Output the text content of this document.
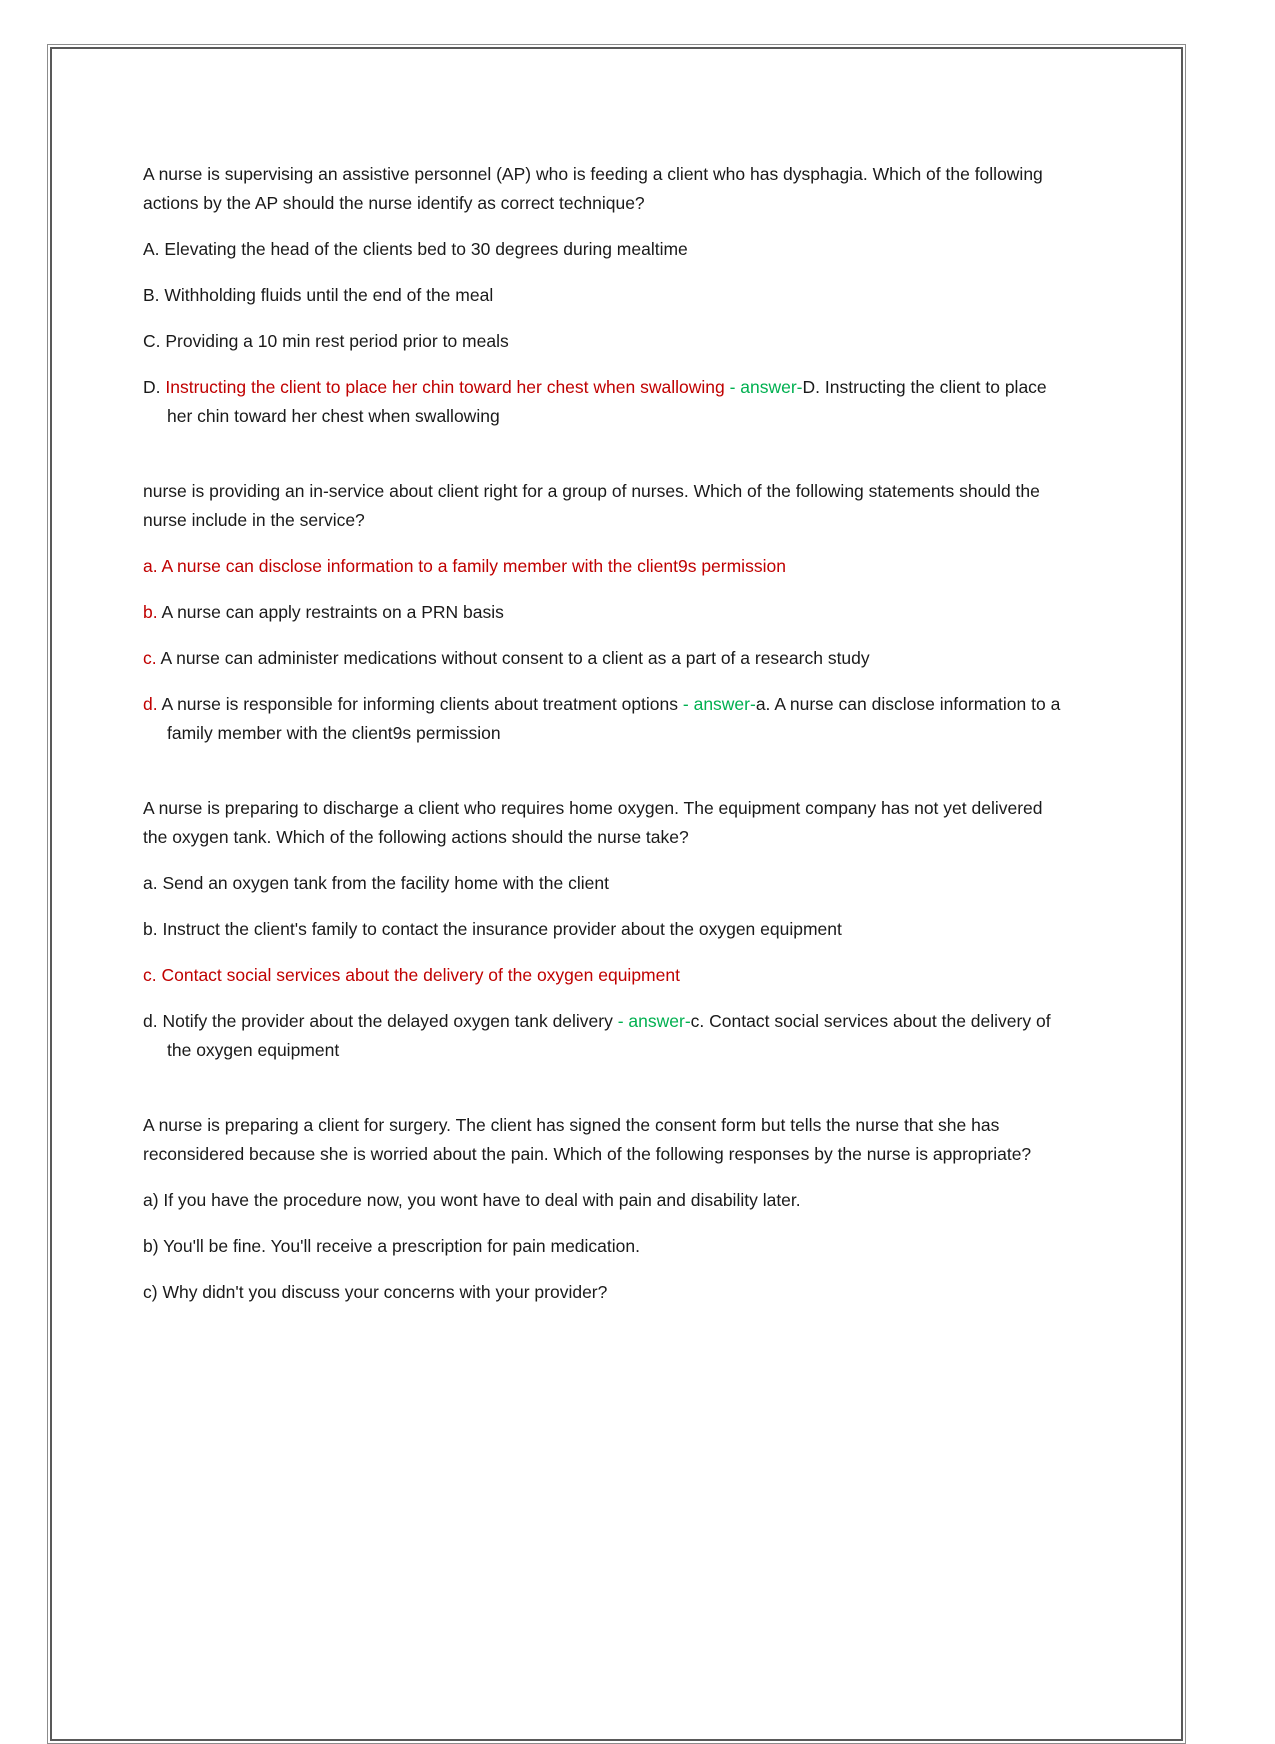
A nurse is supervising an assistive personnel (AP) who is feeding a client who has dysphagia. Which of the following actions by the AP should the nurse identify as correct technique?

A. Elevating the head of the clients bed to 30 degrees during mealtime

B. Withholding fluids until the end of the meal

C. Providing a 10 min rest period prior to meals

D. Instructing the client to place her chin toward her chest when swallowing - answer-D. Instructing the client to place her chin toward her chest when swallowing

nurse is providing an in-service about client right for a group of nurses. Which of the following statements should the nurse include in the service?

a. A nurse can disclose information to a family member with the client9s permission

b. A nurse can apply restraints on a PRN basis

c. A nurse can administer medications without consent to a client as a part of a research study

d. A nurse is responsible for informing clients about treatment options - answer-a. A nurse can disclose information to a family member with the client9s permission

A nurse is preparing to discharge a client who requires home oxygen. The equipment company has not yet delivered the oxygen tank. Which of the following actions should the nurse take?

a. Send an oxygen tank from the facility home with the client

b. Instruct the client's family to contact the insurance provider about the oxygen equipment

c. Contact social services about the delivery of the oxygen equipment

d. Notify the provider about the delayed oxygen tank delivery - answer-c. Contact social services about the delivery of the oxygen equipment

A nurse is preparing a client for surgery. The client has signed the consent form but tells the nurse that she has reconsidered because she is worried about the pain. Which of the following responses by the nurse is appropriate?

a) If you have the procedure now, you wont have to deal with pain and disability later.

b) You'll be fine. You'll receive a prescription for pain medication.

c) Why didn't you discuss your concerns with your provider?
